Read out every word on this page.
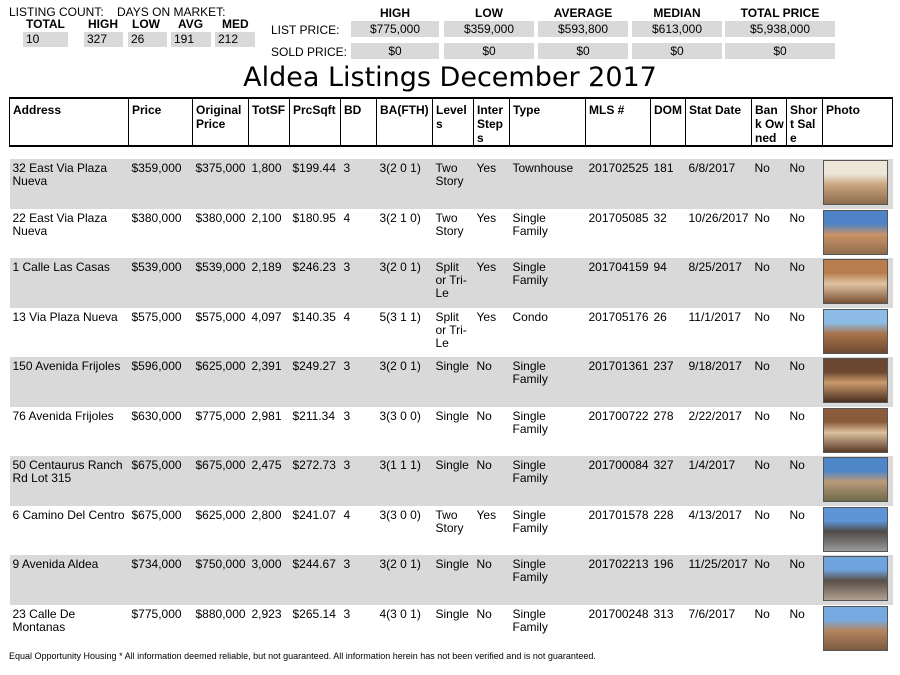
LISTING COUNT: DAYS ON MARKET:
TOTAL HIGH LOW AVG MED
10	327	26	191	212
HIGH	LOW	AVERAGE	MEDIAN	TOTAL PRICE
LIST PRICE:	$775,000	$359,000	$593,800	$613,000	$5,938,000
SOLD PRICE:	$0	$0	$0	$0	$0
Aldea Listings December 2017
Address	Price	Original Price	TotSF	PrcSqft	BD	BA(FTH)	Levels	InterSteps	Type	MLS #	DOM	Stat Date	Bank Owned	Short Sale	Photo

32 East Via Plaza Nueva	$359,000	$375,000	1,800	$199.44	3	3(2 0 1)	Two Story	Yes	Townhouse	201702525	181	6/8/2017	No	No	

22 East Via Plaza Nueva	$380,000	$380,000	2,100	$180.95	4	3(2 1 0)	Two Story	Yes	Single Family	201705085	32	10/26/2017	No	No	

1 Calle Las Casas	$539,000	$539,000	2,189	$246.23	3	3(2 0 1)	Split or Tri-Le	Yes	Single Family	201704159	94	8/25/2017	No	No	

13 Via Plaza Nueva	$575,000	$575,000	4,097	$140.35	4	5(3 1 1)	Split or Tri-Le	Yes	Condo	201705176	26	11/1/2017	No	No	

150 Avenida Frijoles	$596,000	$625,000	2,391	$249.27	3	3(2 0 1)	Single	No	Single Family	201701361	237	9/18/2017	No	No	

76 Avenida Frijoles	$630,000	$775,000	2,981	$211.34	3	3(3 0 0)	Single	No	Single Family	201700722	278	2/22/2017	No	No	

50 Centaurus Ranch Rd Lot 315	$675,000	$675,000	2,475	$272.73	3	3(1 1 1)	Single	No	Single Family	201700084	327	1/4/2017	No	No	

6 Camino Del Centro	$675,000	$625,000	2,800	$241.07	4	3(3 0 0)	Two Story	Yes	Single Family	201701578	228	4/13/2017	No	No	

9 Avenida Aldea	$734,000	$750,000	3,000	$244.67	3	3(2 0 1)	Single	No	Single Family	201702213	196	11/25/2017	No	No	

23 Calle De Montanas	$775,000	$880,000	2,923	$265.14	3	4(3 0 1)	Single	No	Single Family	201700248	313	7/6/2017	No	No	
Equal Opportunity Housing * All information deemed reliable, but not guaranteed. All information herein has not been verified and is not guaranteed.
